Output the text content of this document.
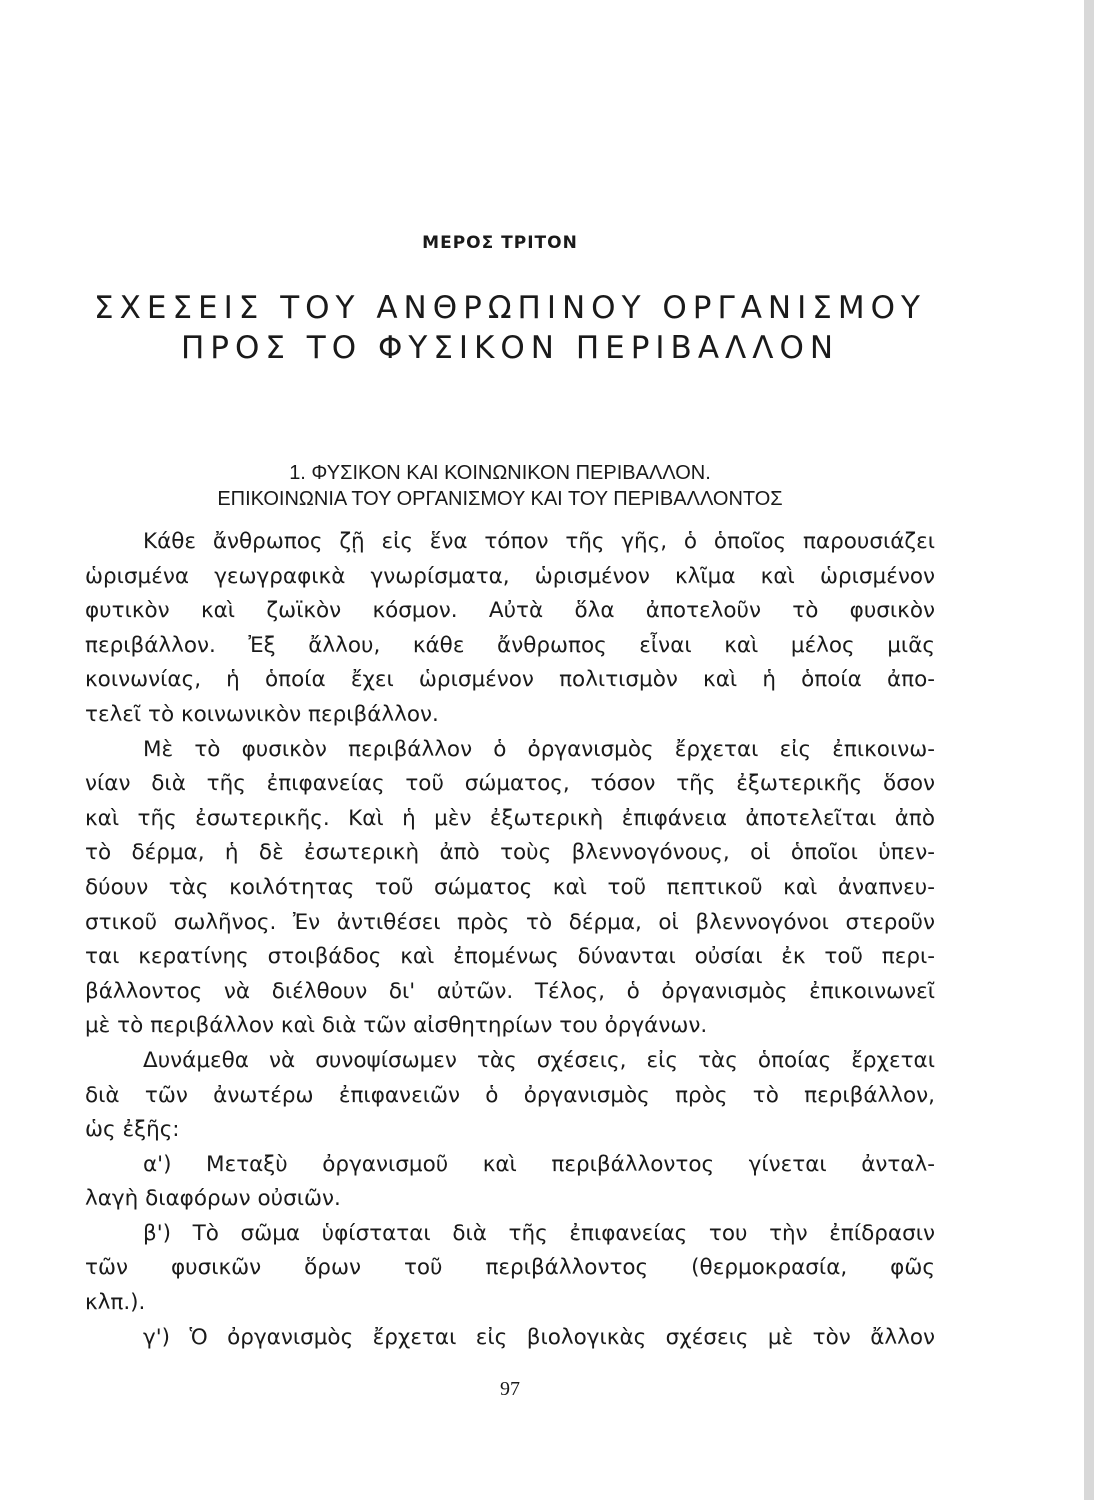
ΜΕΡΟΣ ΤΡΙΤΟΝ
ΣΧΕΣΕΙΣ ΤΟΥ ΑΝΘΡΩΠΙΝΟΥ ΟΡΓΑΝΙΣΜΟΥ
ΠΡΟΣ ΤΟ ΦΥΣΙΚΟΝ ΠΕΡΙΒΑΛΛΟΝ
1. ΦΥΣΙΚΟΝ ΚΑΙ ΚΟΙΝΩΝΙΚΟΝ ΠΕΡΙΒΑΛΛΟΝ.
ΕΠΙΚΟΙΝΩΝΙΑ ΤΟΥ ΟΡΓΑΝΙΣΜΟΥ ΚΑΙ ΤΟΥ ΠΕΡΙΒΑΛΛΟΝΤΟΣ
Κάθε ἄνθρωπος ζῇ εἰς ἕνα τόπον τῆς γῆς, ὁ ὁποῖος παρουσιάζει
ὡρισμένα γεωγραφικὰ γνωρίσματα, ὡρισμένον κλῖμα καὶ ὡρισμένον
φυτικὸν καὶ ζωϊκὸν κόσμον. Αὐτὰ ὅλα ἀποτελοῦν τὸ φυσικὸν
περιβάλλον. Ἐξ ἄλλου, κάθε ἄνθρωπος εἶναι καὶ μέλος μιᾶς
κοινωνίας, ἡ ὁποία ἔχει ὡρισμένον πολιτισμὸν καὶ ἡ ὁποία ἀπο-
τελεῖ τὸ κοινωνικὸν περιβάλλον.
Μὲ τὸ φυσικὸν περιβάλλον ὁ ὀργανισμὸς ἔρχεται εἰς ἐπικοινω-
νίαν διὰ τῆς ἐπιφανείας τοῦ σώματος, τόσον τῆς ἐξωτερικῆς ὅσον
καὶ τῆς ἐσωτερικῆς. Καὶ ἡ μὲν ἐξωτερικὴ ἐπιφάνεια ἀποτελεῖται ἀπὸ
τὸ δέρμα, ἡ δὲ ἐσωτερικὴ ἀπὸ τοὺς βλεννογόνους, οἱ ὁποῖοι ὑπεν-
δύουν τὰς κοιλότητας τοῦ σώματος καὶ τοῦ πεπτικοῦ καὶ ἀναπνευ-
στικοῦ σωλῆνος. Ἐν ἀντιθέσει πρὸς τὸ δέρμα, οἱ βλεννογόνοι στεροῦν
ται κερατίνης στοιβάδος καὶ ἐπομένως δύνανται οὐσίαι ἐκ τοῦ περι-
βάλλοντος νὰ διέλθουν δι' αὐτῶν. Τέλος, ὁ ὀργανισμὸς ἐπικοινωνεῖ
μὲ τὸ περιβάλλον καὶ διὰ τῶν αἰσθητηρίων του ὀργάνων.
Δυνάμεθα νὰ συνοψίσωμεν τὰς σχέσεις, εἰς τὰς ὁποίας ἔρχεται
διὰ τῶν ἀνωτέρω ἐπιφανειῶν ὁ ὀργανισμὸς πρὸς τὸ περιβάλλον,
ὡς ἐξῆς:
α') Μεταξὺ ὀργανισμοῦ καὶ περιβάλλοντος γίνεται ἀνταλ-
λαγὴ διαφόρων οὐσιῶν.
β') Τὸ σῶμα ὑφίσταται διὰ τῆς ἐπιφανείας του τὴν ἐπίδρασιν
τῶν φυσικῶν ὅρων τοῦ περιβάλλοντος (θερμοκρασία, φῶς
κλπ.).
γ') Ὁ ὀργανισμὸς ἔρχεται εἰς βιολογικὰς σχέσεις μὲ τὸν ἄλλον
97
